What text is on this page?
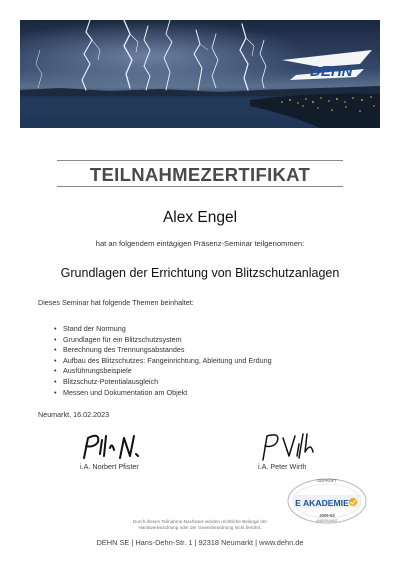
DEHN
TEILNAHMEZERTIFIKAT
Alex Engel
hat an folgendem eintägigen Präsenz-Seminar teilgenommen:
Grundlagen der Errichtung von Blitzschutzanlagen
Dieses Seminar hat folgende Themen beinhaltet:
• Stand der Normung
• Grundlagen für ein Blitzschutzsystem
• Berechnung des Trennungsabstandes
• Aufbau des Blitzschutzes: Fangeinrichtung, Ableitung und Erdung
• Ausführungsbeispiele
• Blitzschutz-Potentialausgleich
• Messen und Dokumentation am Objekt
Neumarkt, 16.02.2023
i.A. Norbert Pfister	i.A. Peter Wirth
GEPRÜFT
E AKADEMIE
2009-53
ANERKANNT
Durch diesen Teilnahme-Nachweis werden rechtliche Belange der
Handwerksordnung oder der Gewerbeordnung nicht berührt.
DEHN SE | Hans-Dehn-Str. 1 | 92318 Neumarkt | www.dehn.de
